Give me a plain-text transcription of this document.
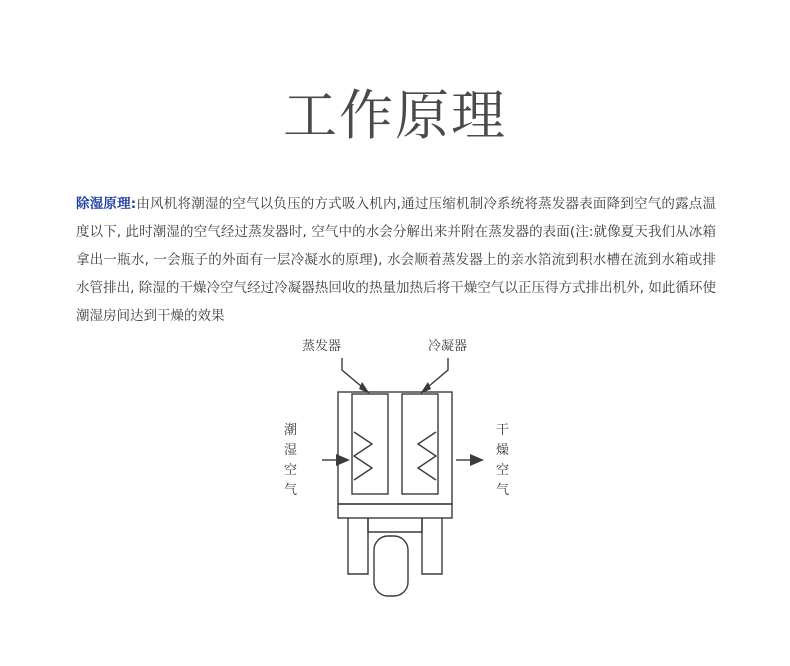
工作原理

除湿原理:由风机将潮湿的空气以负压的方式吸入机内,通过压缩机制冷系统将蒸发器表面降到空气的露点温度以下, 此时潮湿的空气经过蒸发器时, 空气中的水会分解出来并附在蒸发器的表面(注:就像夏天我们从冰箱拿出一瓶水, 一会瓶子的外面有一层冷凝水的原理), 水会顺着蒸发器上的亲水箔流到积水槽在流到水箱或排水管排出, 除湿的干燥冷空气经过冷凝器热回收的热量加热后将干燥空气以正压得方式排出机外, 如此循环使潮湿房间达到干燥的效果

蒸发器	冷凝器
潮
湿
空
气
干
燥
空
气
